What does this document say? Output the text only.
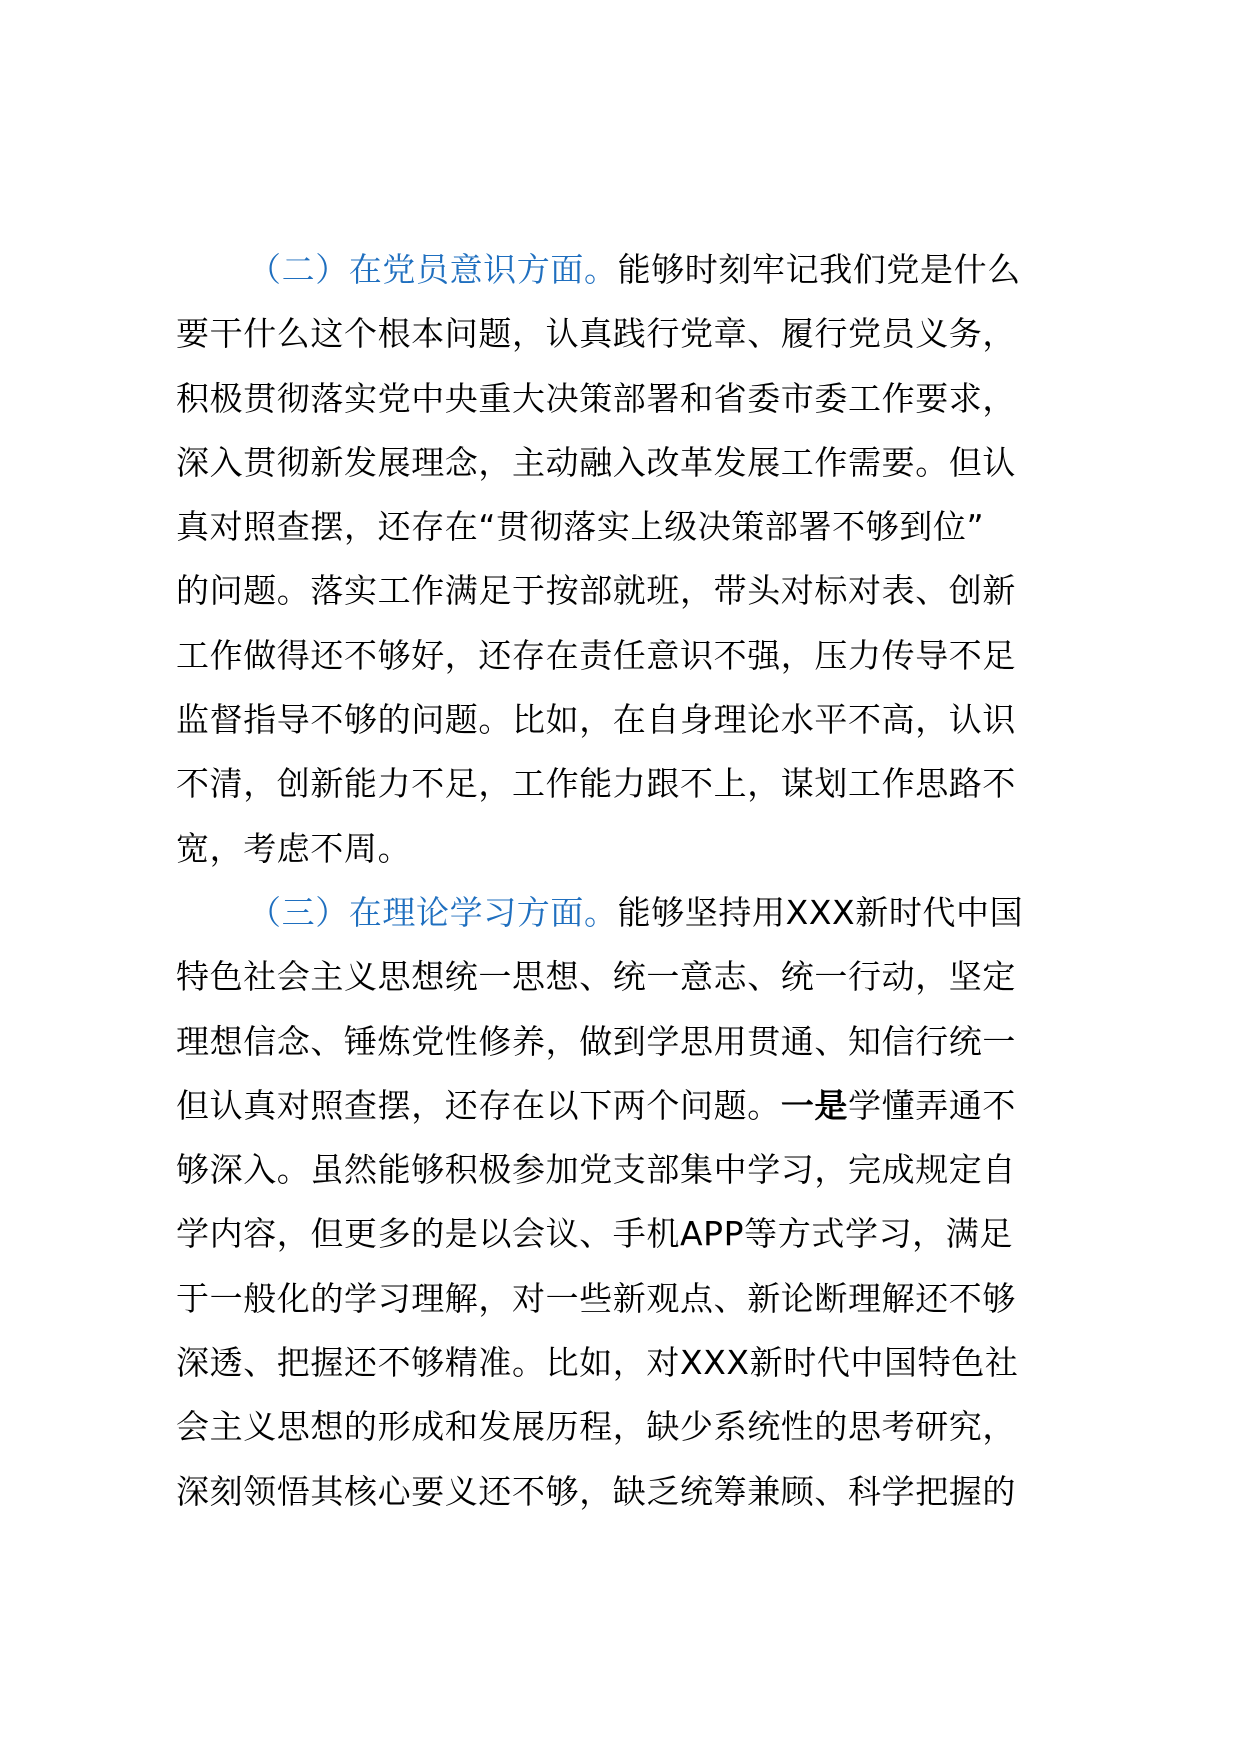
（二）在党员意识方面。能够时刻牢记我们党是什么
要干什么这个根本问题，认真践行党章、履行党员义务，
积极贯彻落实党中央重大决策部署和省委市委工作要求，
深入贯彻新发展理念，主动融入改革发展工作需要。但认
真对照查摆，还存在“贯彻落实上级决策部署不够到位”
的问题。落实工作满足于按部就班，带头对标对表、创新
工作做得还不够好，还存在责任意识不强，压力传导不足
监督指导不够的问题。比如，在自身理论水平不高，认识
不清，创新能力不足，工作能力跟不上，谋划工作思路不
宽，考虑不周。
（三）在理论学习方面。能够坚持用XXX新时代中国
特色社会主义思想统一思想、统一意志、统一行动，坚定
理想信念、锤炼党性修养，做到学思用贯通、知信行统一
但认真对照查摆，还存在以下两个问题。一是学懂弄通不
够深入。虽然能够积极参加党支部集中学习，完成规定自
学内容，但更多的是以会议、手机APP等方式学习，满足
于一般化的学习理解，对一些新观点、新论断理解还不够
深透、把握还不够精准。比如，对XXX新时代中国特色社
会主义思想的形成和发展历程，缺少系统性的思考研究，
深刻领悟其核心要义还不够，缺乏统筹兼顾、科学把握的
